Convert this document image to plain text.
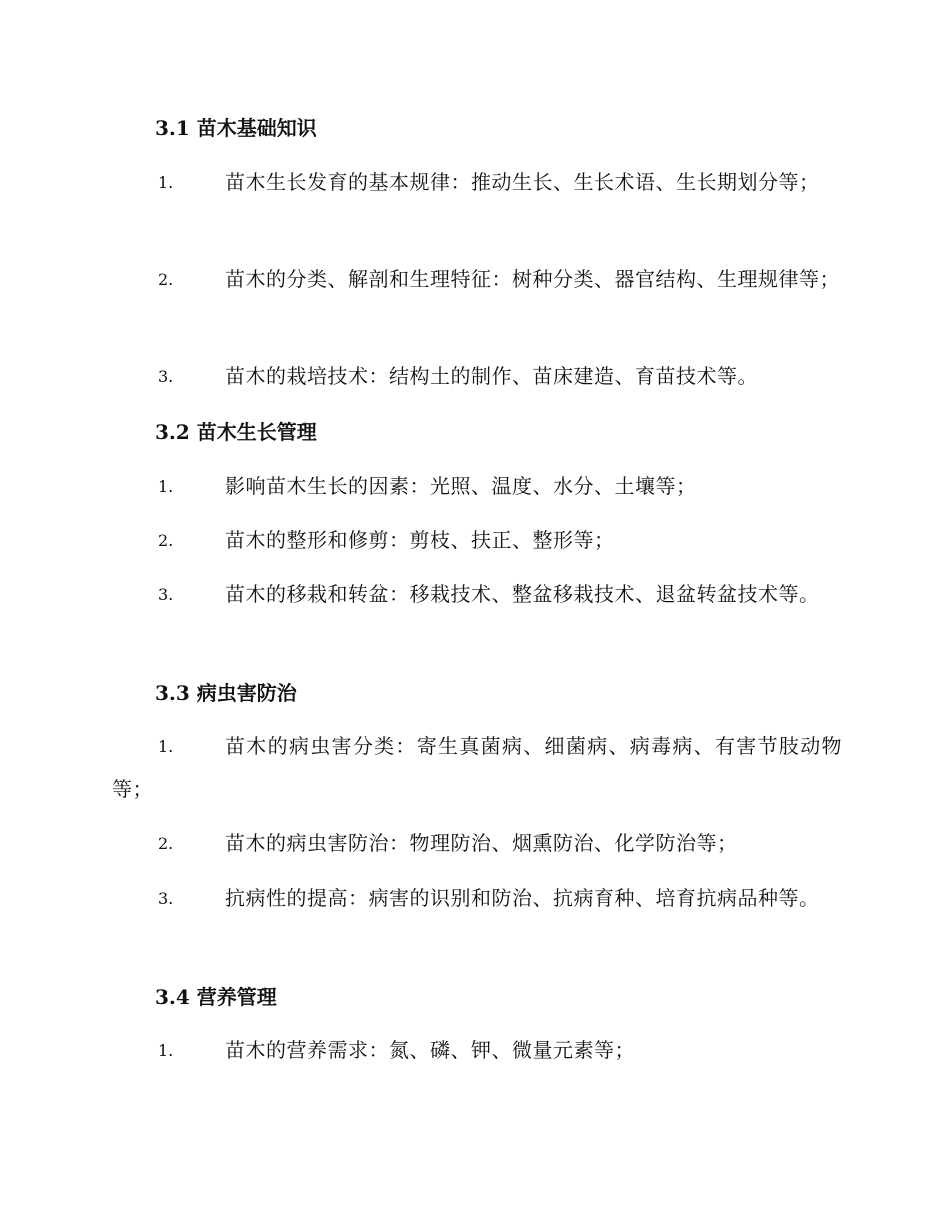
3.1 苗木基础知识
1.	苗木生长发育的基本规律：推动生长、生长术语、生长期划分等；
2.	苗木的分类、解剖和生理特征：树种分类、器官结构、生理规律等；
3.	苗木的栽培技术：结构土的制作、苗床建造、育苗技术等。
3.2 苗木生长管理
1.	影响苗木生长的因素：光照、温度、水分、土壤等；
2.	苗木的整形和修剪：剪枝、扶正、整形等；
3.	苗木的移栽和转盆：移栽技术、整盆移栽技术、退盆转盆技术等。
3.3 病虫害防治
1.	苗木的病虫害分类：寄生真菌病、细菌病、病毒病、有害节肢动物等；
2.	苗木的病虫害防治：物理防治、烟熏防治、化学防治等；
3.	抗病性的提高：病害的识别和防治、抗病育种、培育抗病品种等。
3.4 营养管理
1.	苗木的营养需求：氮、磷、钾、微量元素等；
